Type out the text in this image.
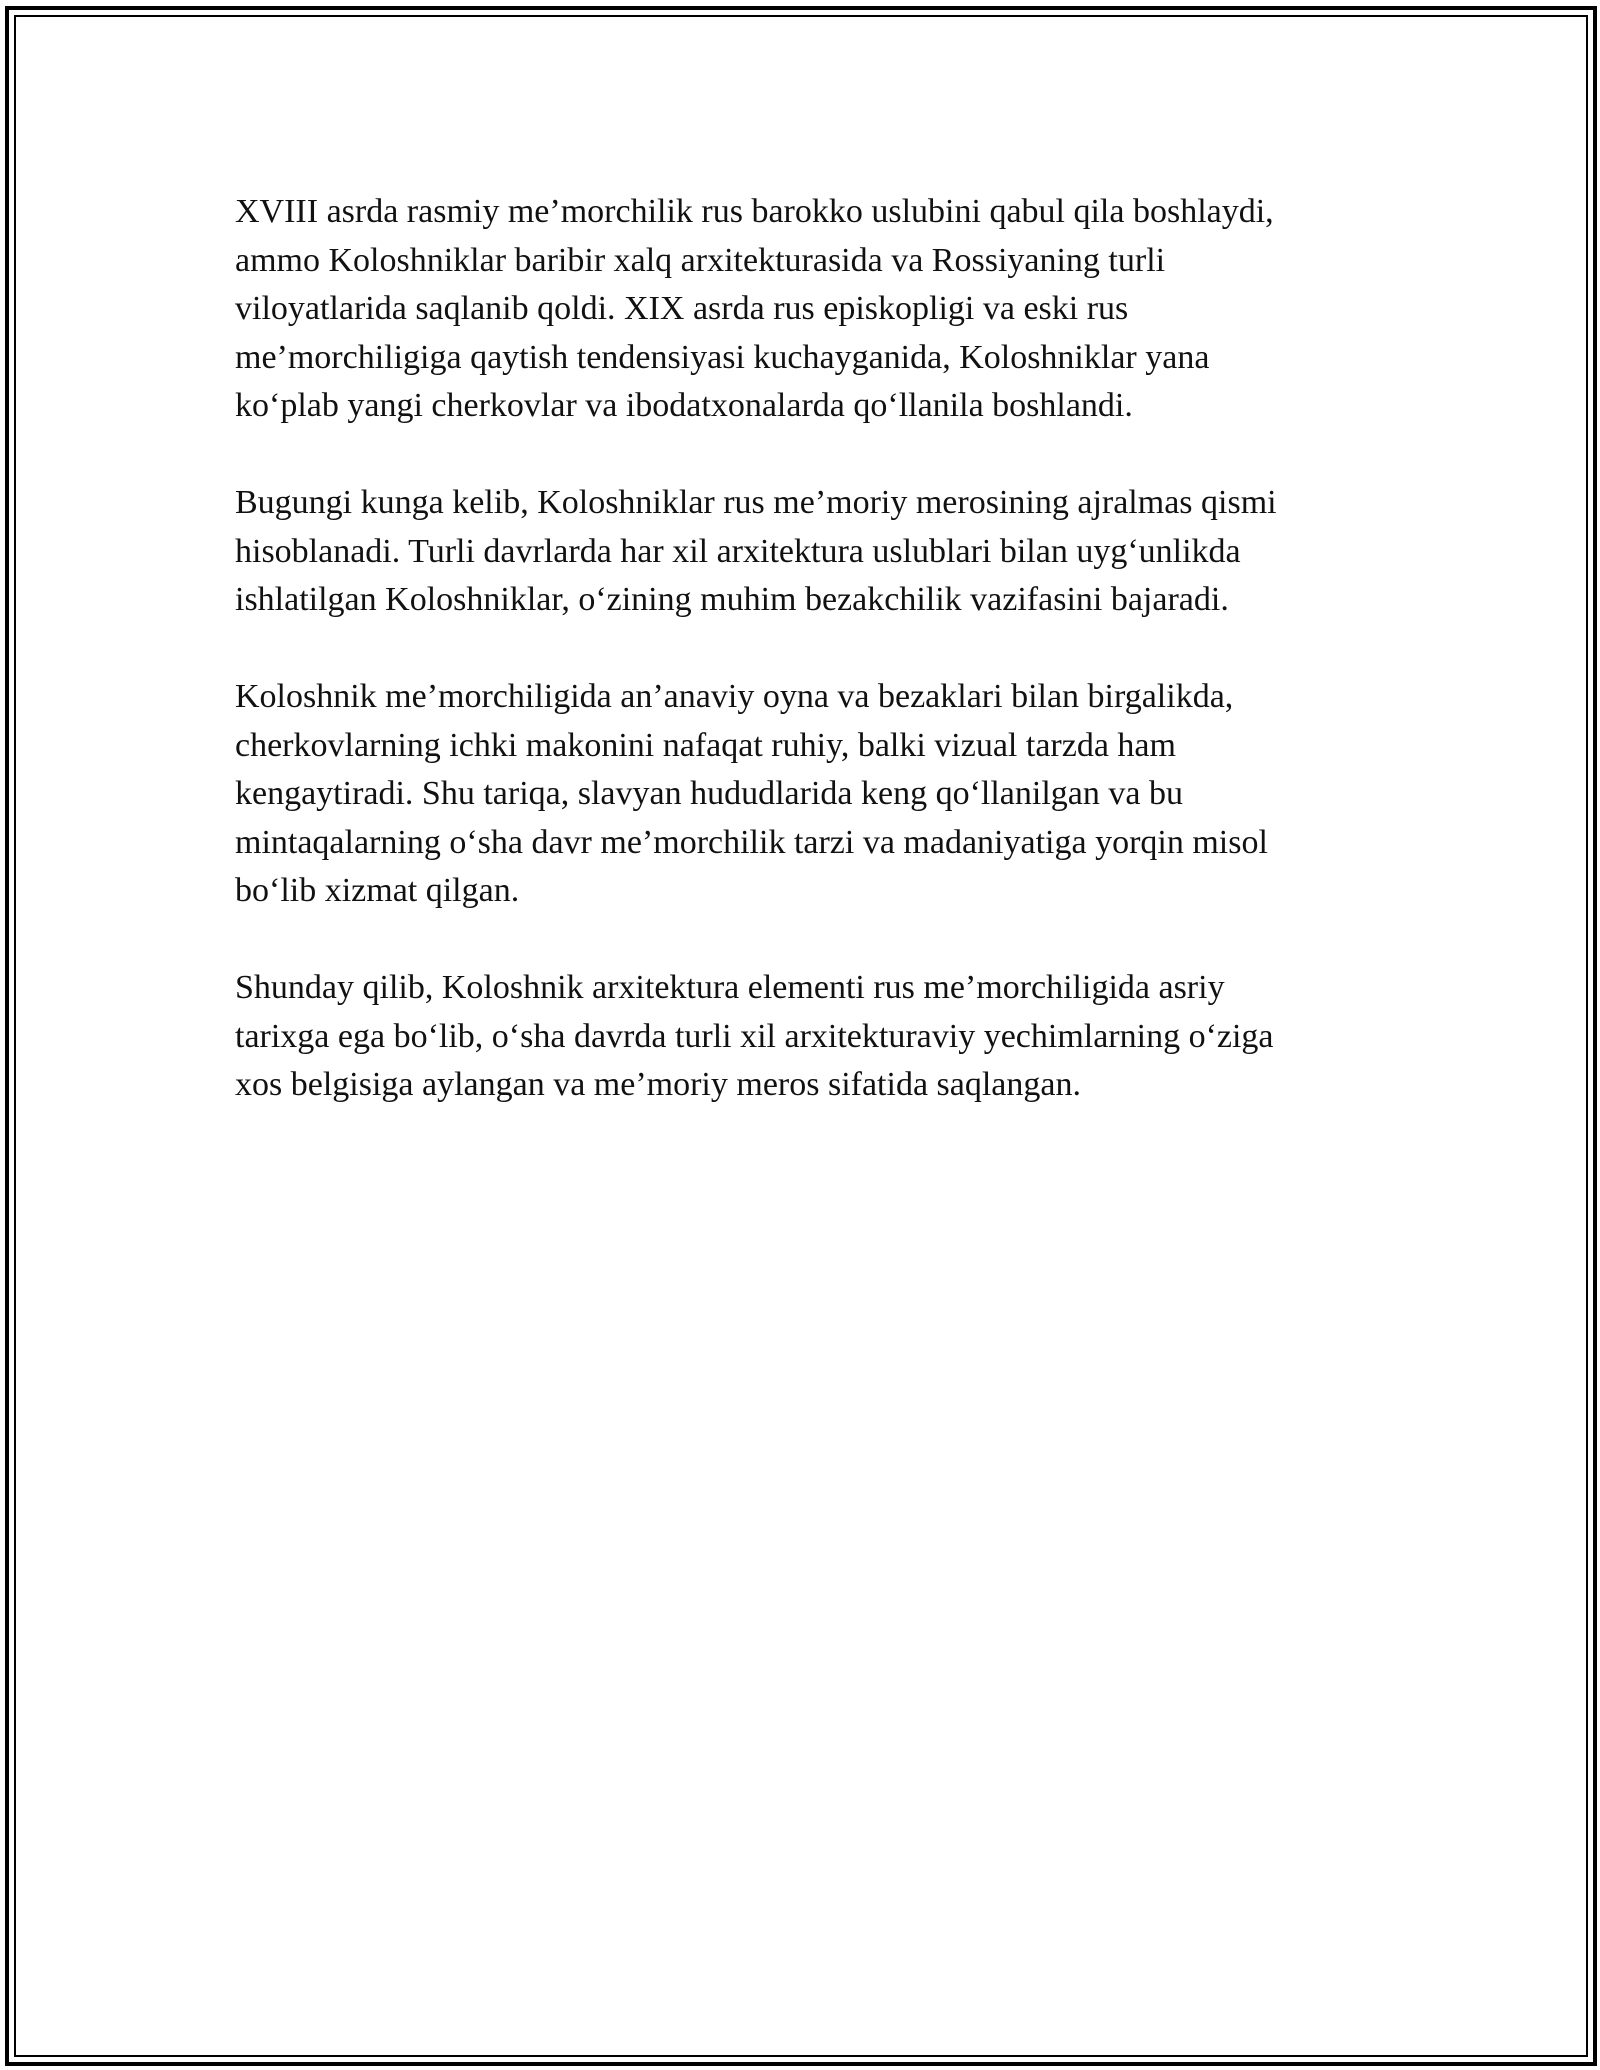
XVIII asrda rasmiy me’morchilik rus barokko uslubini qabul qila boshlaydi,
ammo Koloshniklar baribir xalq arxitekturasida va Rossiyaning turli
viloyatlarida saqlanib qoldi. XIX asrda rus episkopligi va eski rus
me’morchiligiga qaytish tendensiyasi kuchayganida, Koloshniklar yana
ko‘plab yangi cherkovlar va ibodatxonalarda qo‘llanila boshlandi.

Bugungi kunga kelib, Koloshniklar rus me’moriy merosining ajralmas qismi
hisoblanadi. Turli davrlarda har xil arxitektura uslublari bilan uyg‘unlikda
ishlatilgan Koloshniklar, o‘zining muhim bezakchilik vazifasini bajaradi.

Koloshnik me’morchiligida an’anaviy oyna va bezaklari bilan birgalikda,
cherkovlarning ichki makonini nafaqat ruhiy, balki vizual tarzda ham
kengaytiradi. Shu tariqa, slavyan hududlarida keng qo‘llanilgan va bu
mintaqalarning o‘sha davr me’morchilik tarzi va madaniyatiga yorqin misol
bo‘lib xizmat qilgan.

Shunday qilib, Koloshnik arxitektura elementi rus me’morchiligida asriy
tarixga ega bo‘lib, o‘sha davrda turli xil arxitekturaviy yechimlarning o‘ziga
xos belgisiga aylangan va me’moriy meros sifatida saqlangan.
